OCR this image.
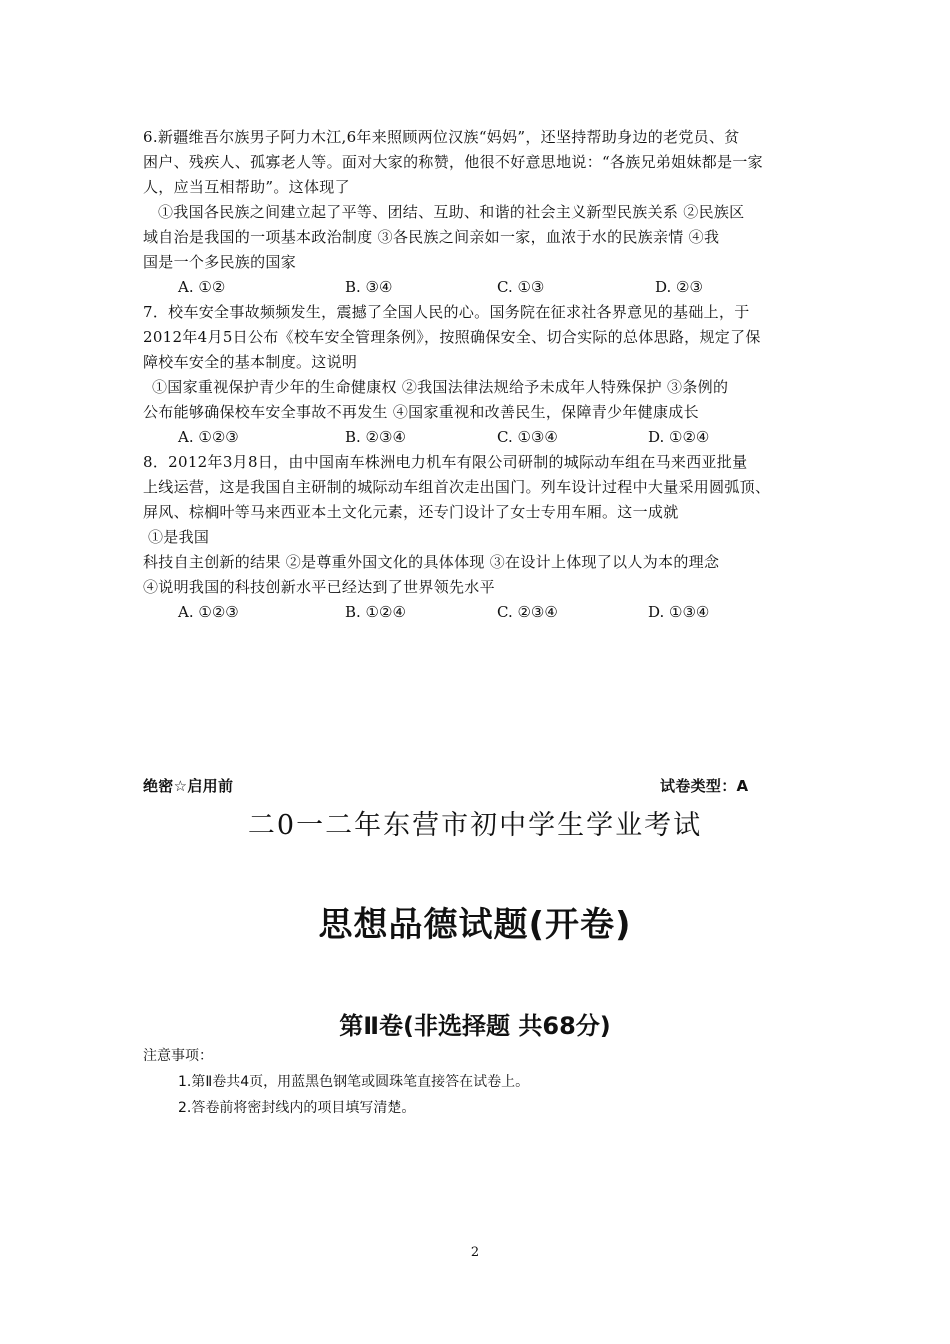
6.新疆维吾尔族男子阿力木江,6年来照顾两位汉族“妈妈”，还坚持帮助身边的老党员、贫
困户、残疾人、孤寡老人等。面对大家的称赞，他很不好意思地说：“各族兄弟姐妹都是一家
人，应当互相帮助”。这体现了
①我国各民族之间建立起了平等、团结、互助、和谐的社会主义新型民族关系 ②民族区
域自治是我国的一项基本政治制度 ③各民族之间亲如一家，血浓于水的民族亲情 ④我
国是一个多民族的国家
A. ①②	B. ③④	C. ①③	D. ②③
7．校车安全事故频频发生，震撼了全国人民的心。国务院在征求社各界意见的基础上，于
2012年4月5日公布《校车安全管理条例》，按照确保安全、切合实际的总体思路，规定了保
障校车安全的基本制度。这说明
①国家重视保护青少年的生命健康权 ②我国法律法规给予未成年人特殊保护 ③条例的
公布能够确保校车安全事故不再发生 ④国家重视和改善民生，保障青少年健康成长
A. ①②③	B. ②③④	C. ①③④	D. ①②④
8．2012年3月8日，由中国南车株洲电力机车有限公司研制的城际动车组在马来西亚批量
上线运营，这是我国自主研制的城际动车组首次走出国门。列车设计过程中大量采用圆弧顶、
屏风、棕榈叶等马来西亚本土文化元素，还专门设计了女士专用车厢。这一成就
①是我国
科技自主创新的结果 ②是尊重外国文化的具体体现 ③在设计上体现了以人为本的理念
④说明我国的科技创新水平已经达到了世界领先水平
A. ①②③	B. ①②④	C. ②③④	D. ①③④
绝密☆启用前	试卷类型：A
二0一二年东营市初中学生学业考试
思想品德试题(开卷)
第Ⅱ卷(非选择题 共68分)
注意事项：
1.第Ⅱ卷共4页，用蓝黑色钢笔或圆珠笔直接答在试卷上。
2.答卷前将密封线内的项目填写清楚。
2
